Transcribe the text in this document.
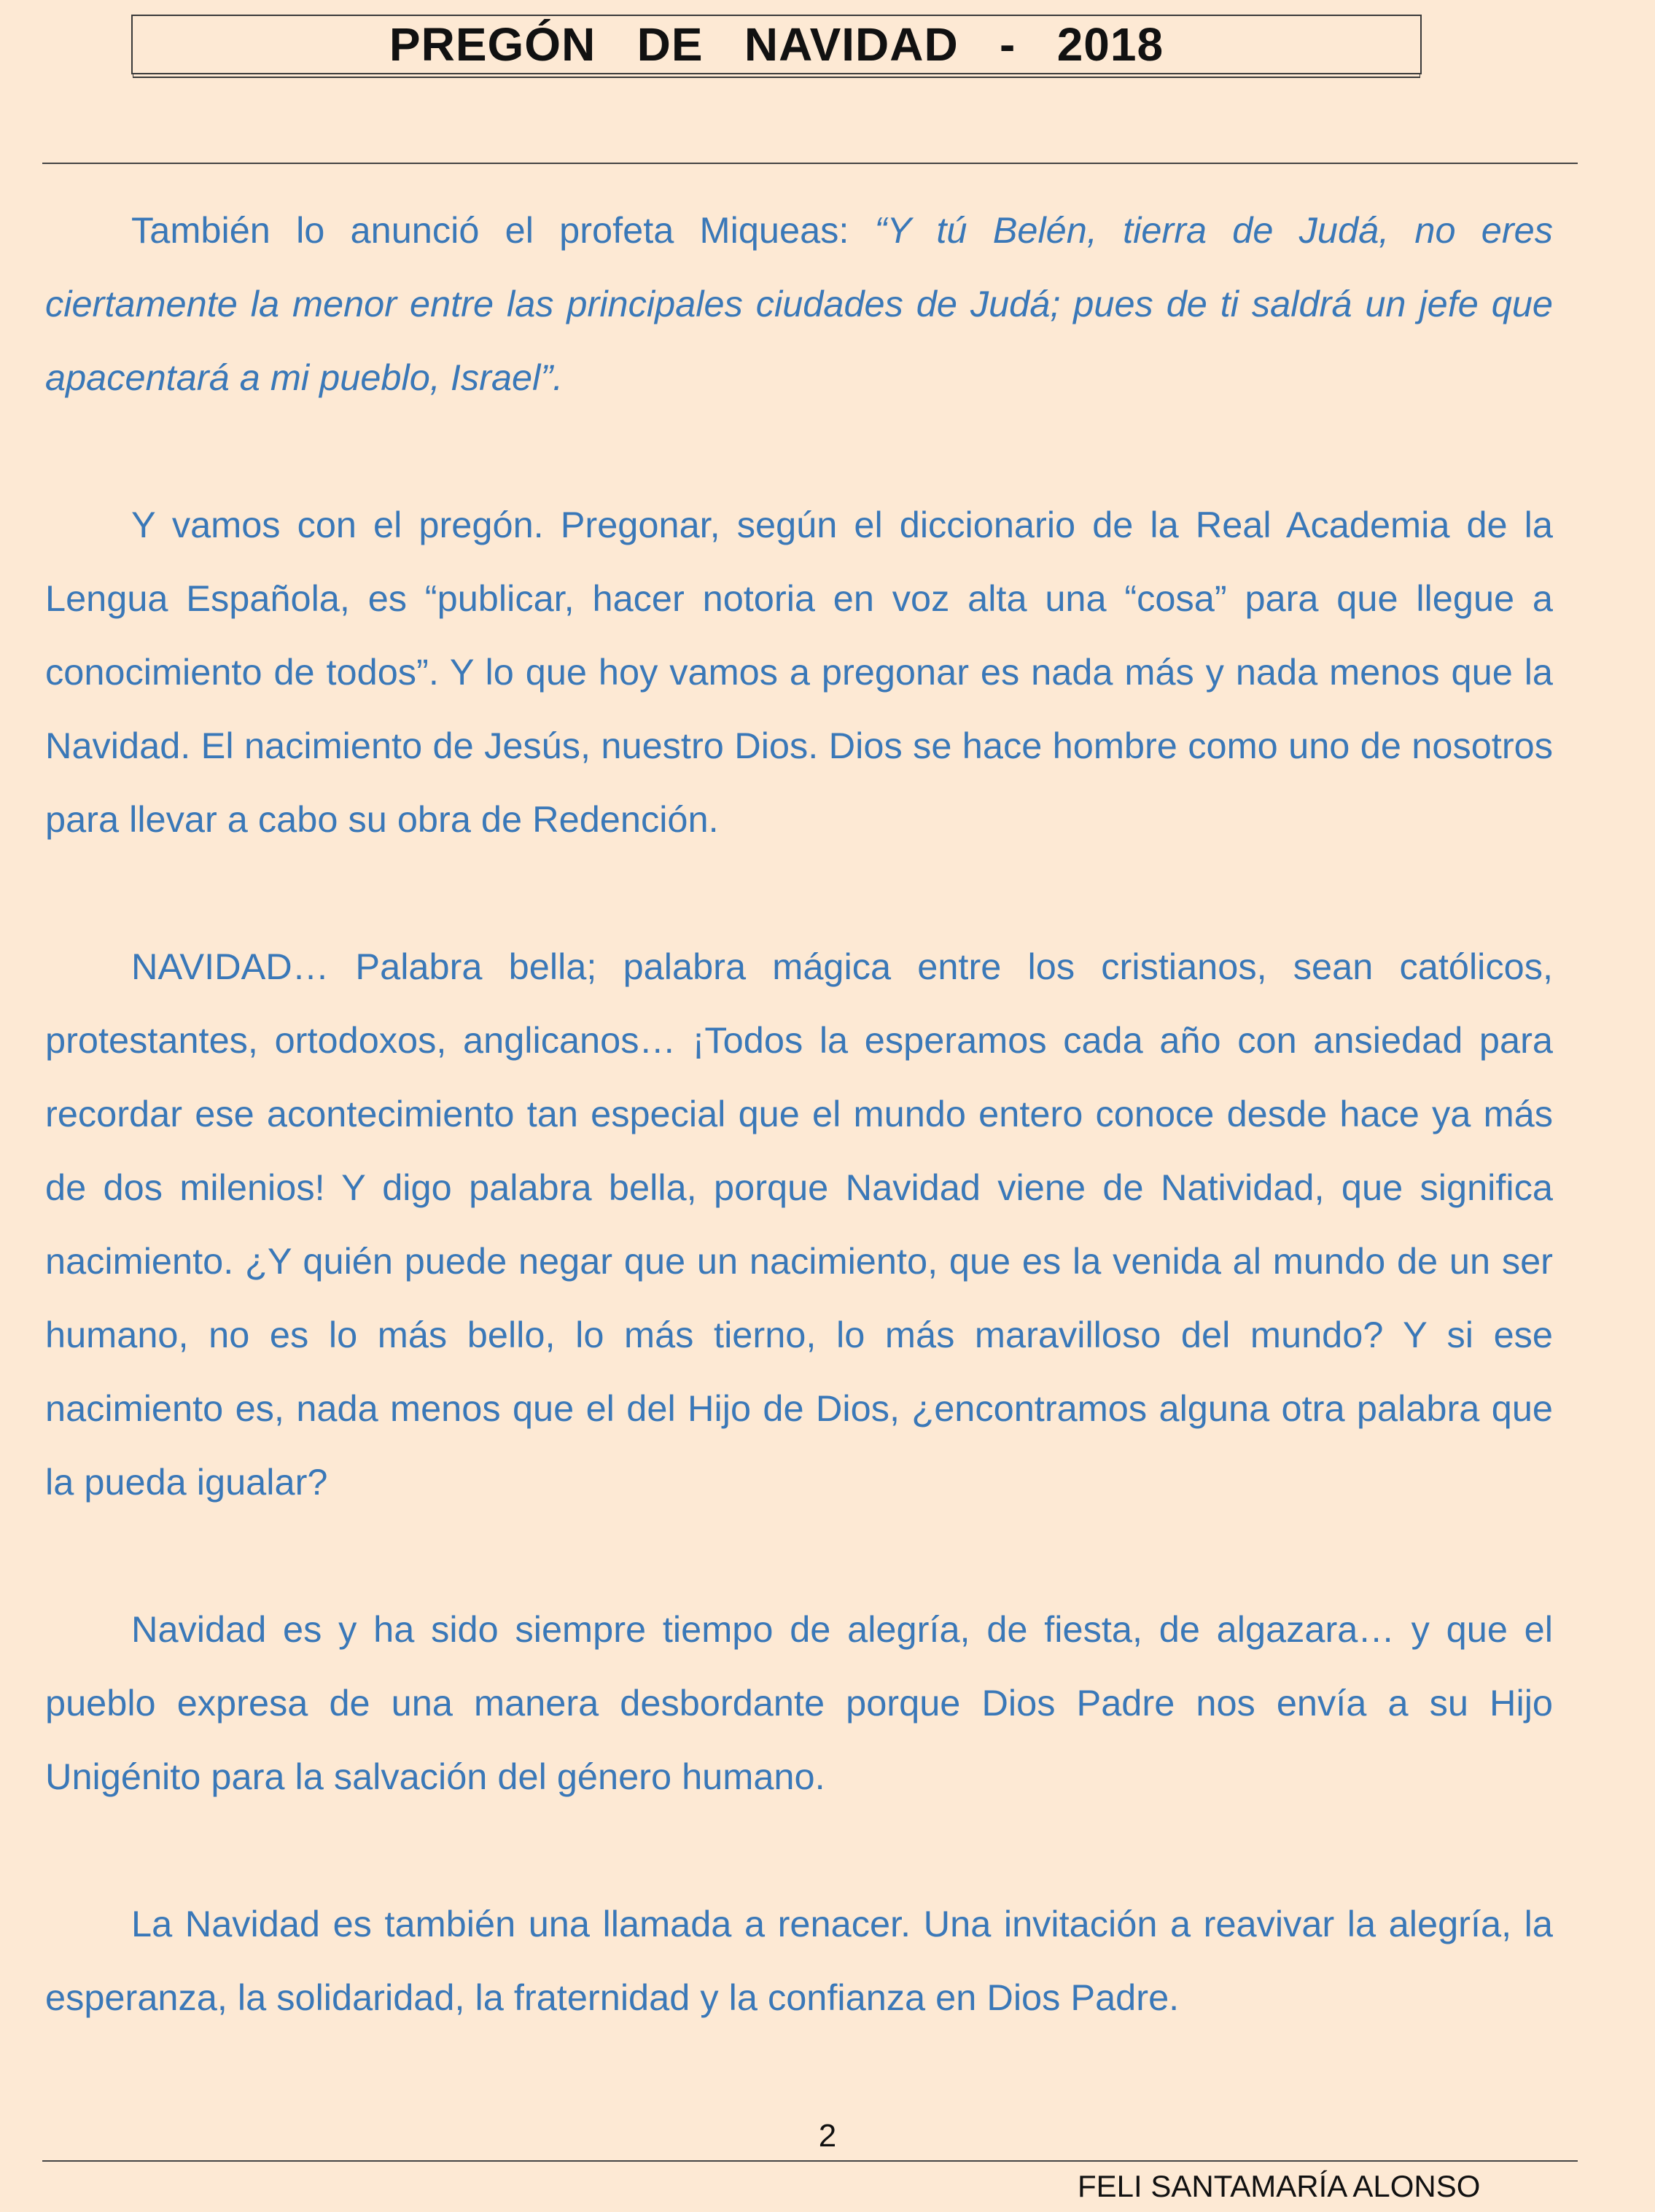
PREGÓN   DE   NAVIDAD   -   2018

También lo anunció el profeta Miqueas: “Y tú Belén, tierra de Judá, no eres ciertamente la menor entre las principales ciudades de Judá; pues de ti saldrá un jefe que apacentará a mi pueblo, Israel”.

Y vamos con el pregón. Pregonar, según el diccionario de la Real Academia de la Lengua Española, es “publicar, hacer notoria en voz alta una “cosa” para que llegue a conocimiento de todos”. Y lo que hoy vamos a pregonar es nada más y nada menos que la Navidad. El nacimiento de Jesús, nuestro Dios. Dios se hace hombre como uno de nosotros para llevar a cabo su obra de Redención.

NAVIDAD… Palabra bella; palabra mágica entre los cristianos, sean católicos, protestantes, ortodoxos, anglicanos… ¡Todos la esperamos cada año con ansiedad para recordar ese acontecimiento tan especial que el mundo entero conoce desde hace ya más de dos milenios! Y digo palabra bella, porque Navidad viene de Natividad, que significa nacimiento. ¿Y quién puede negar que un nacimiento, que es la venida al mundo de un ser humano, no es lo más bello, lo más tierno, lo más maravilloso del mundo? Y si ese nacimiento es, nada menos que el del Hijo de Dios, ¿encontramos alguna otra palabra que la pueda igualar?

Navidad es y ha sido siempre tiempo de alegría, de fiesta, de algazara… y que el pueblo expresa de una manera desbordante porque Dios Padre nos envía a su Hijo Unigénito para la salvación del género humano.

La Navidad es también una llamada a renacer. Una invitación a reavivar la alegría, la esperanza, la solidaridad, la fraternidad y la confianza en Dios Padre.

2
FELI SANTAMARÍA ALONSO
